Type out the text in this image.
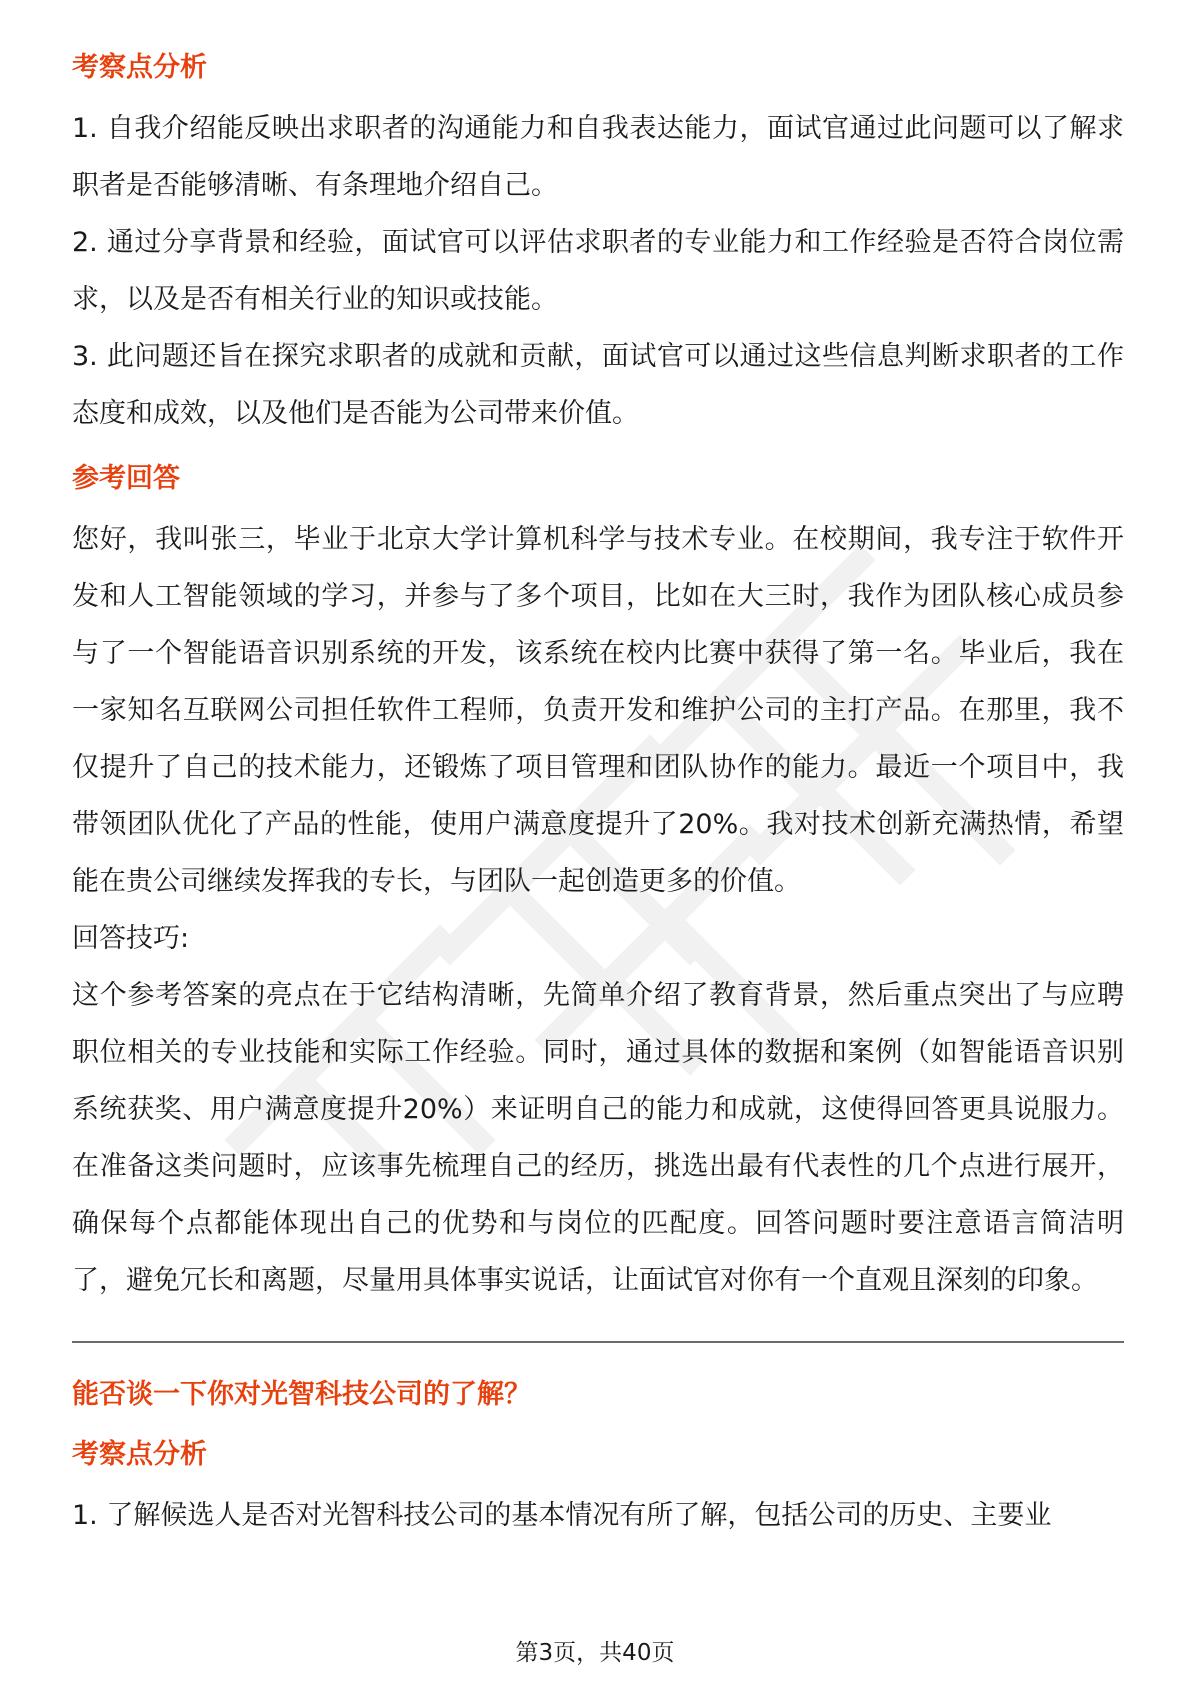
考察点分析

1. 自我介绍能反映出求职者的沟通能力和自我表达能力，面试官通过此问题可以了解求职者是否能够清晰、有条理地介绍自己。

2. 通过分享背景和经验，面试官可以评估求职者的专业能力和工作经验是否符合岗位需求，以及是否有相关行业的知识或技能。

3. 此问题还旨在探究求职者的成就和贡献，面试官可以通过这些信息判断求职者的工作态度和成效，以及他们是否能为公司带来价值。

参考回答

您好，我叫张三，毕业于北京大学计算机科学与技术专业。在校期间，我专注于软件开发和人工智能领域的学习，并参与了多个项目，比如在大三时，我作为团队核心成员参与了一个智能语音识别系统的开发，该系统在校内比赛中获得了第一名。毕业后，我在一家知名互联网公司担任软件工程师，负责开发和维护公司的主打产品。在那里，我不仅提升了自己的技术能力，还锻炼了项目管理和团队协作的能力。最近一个项目中，我带领团队优化了产品的性能，使用户满意度提升了20%。我对技术创新充满热情，希望能在贵公司继续发挥我的专长，与团队一起创造更多的价值。

回答技巧:

这个参考答案的亮点在于它结构清晰，先简单介绍了教育背景，然后重点突出了与应聘职位相关的专业技能和实际工作经验。同时，通过具体的数据和案例（如智能语音识别系统获奖、用户满意度提升20%）来证明自己的能力和成就，这使得回答更具说服力。在准备这类问题时，应该事先梳理自己的经历，挑选出最有代表性的几个点进行展开，确保每个点都能体现出自己的优势和与岗位的匹配度。回答问题时要注意语言简洁明了，避免冗长和离题，尽量用具体事实说话，让面试官对你有一个直观且深刻的印象。

能否谈一下你对光智科技公司的了解？
考察点分析

1. 了解候选人是否对光智科技公司的基本情况有所了解，包括公司的历史、主要业

第3页，共40页
